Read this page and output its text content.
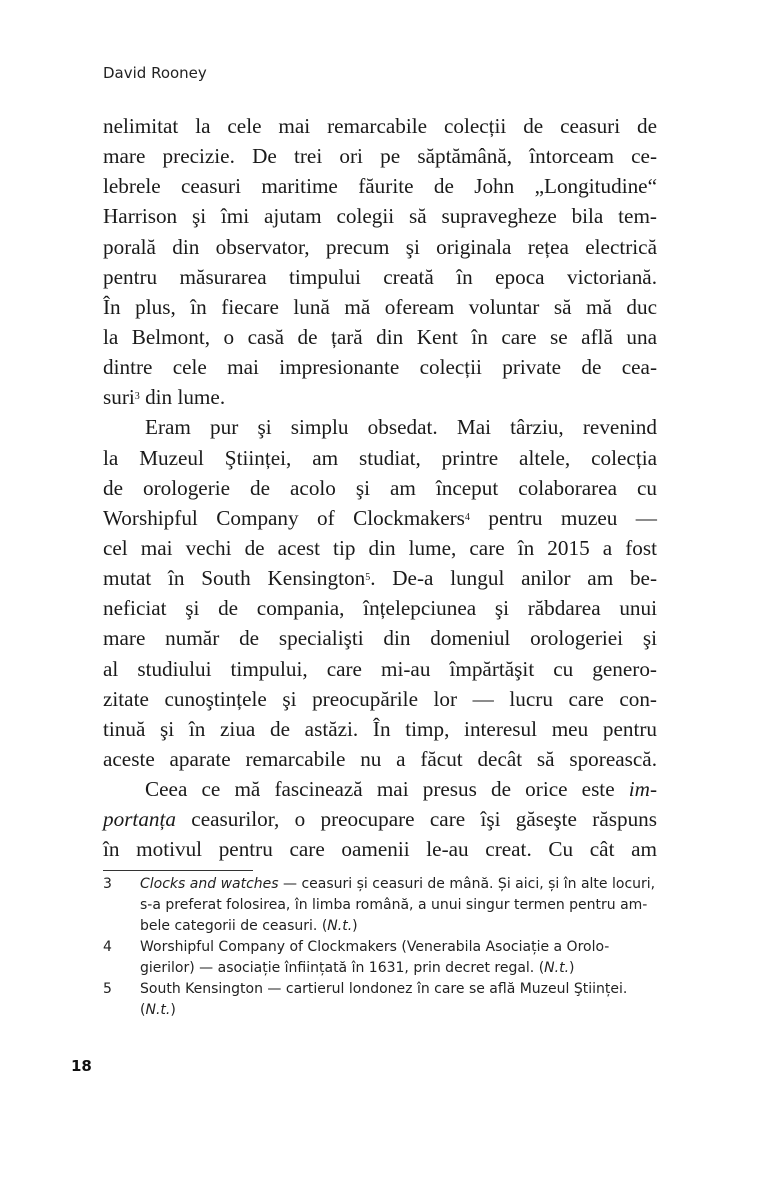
David Rooney
nelimitat la cele mai remarcabile colecții de ceasuri de
mare precizie. De trei ori pe săptămână, întorceam ce-
lebrele ceasuri maritime făurite de John „Longitudine“
Harrison şi îmi ajutam colegii să supravegheze bila tem-
porală din observator, precum şi originala rețea electrică
pentru măsurarea timpului creată în epoca victoriană.
În plus, în fiecare lună mă ofeream voluntar să mă duc
la Belmont, o casă de țară din Kent în care se află una
dintre cele mai impresionante colecții private de cea-
suri$^3$ din lume.
Eram pur şi simplu obsedat. Mai târziu, revenind
la Muzeul Ştiinței, am studiat, printre altele, colecția
de orologerie de acolo şi am început colaborarea cu
Worshipful Company of Clockmakers$^4$ pentru muzeu —
cel mai vechi de acest tip din lume, care în 2015 a fost
mutat în South Kensington$^5$. De-a lungul anilor am be-
neficiat şi de compania, înțelepciunea şi răbdarea unui
mare număr de specialişti din domeniul orologeriei şi
al studiului timpului, care mi-au împărtăşit cu genero-
zitate cunoştințele şi preocupările lor — lucru care con-
tinuă şi în ziua de astăzi. În timp, interesul meu pentru
aceste aparate remarcabile nu a făcut decât să sporească.
Ceea ce mă fascinează mai presus de orice este im-
portanța ceasurilor, o preocupare care îşi găseşte răspuns
în motivul pentru care oamenii le-au creat. Cu cât am
3	Clocks and watches — ceasuri și ceasuri de mână. Și aici, și în alte locuri,
s-a preferat folosirea, în limba română, a unui singur termen pentru am-
bele categorii de ceasuri. (N.t.)
4	Worshipful Company of Clockmakers (Venerabila Asociație a Orolo-
gierilor) — asociație înființată în 1631, prin decret regal. (N.t.)
5	South Kensington — cartierul londonez în care se află Muzeul Ştiinței.
(N.t.)
18
